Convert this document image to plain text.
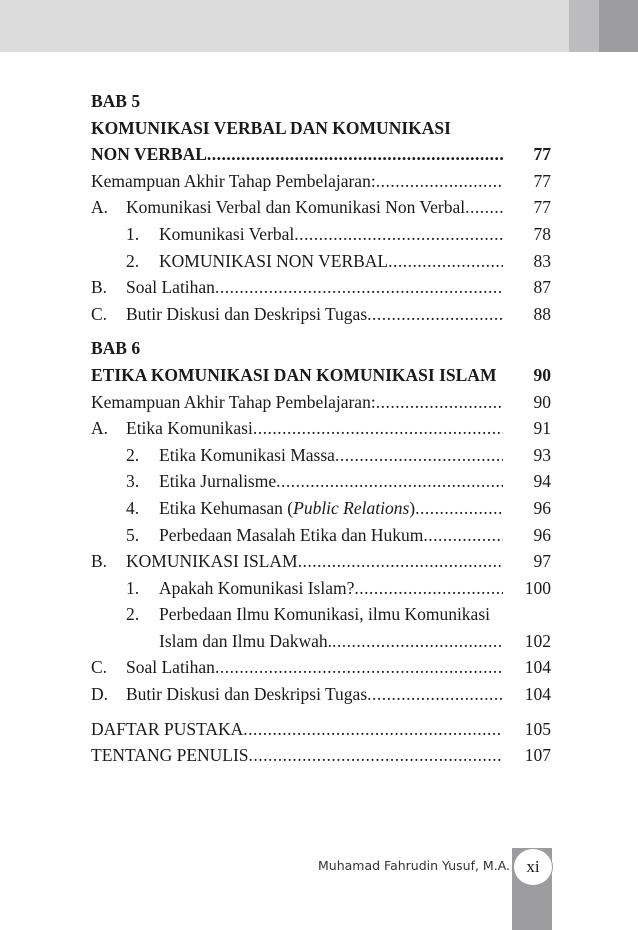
BAB 5
KOMUNIKASI VERBAL DAN KOMUNIKASI
NON VERBAL .....	77
Kemampuan Akhir Tahap Pembelajaran: .....	77
A.	Komunikasi Verbal dan Komunikasi Non Verbal .....	77
1.	Komunikasi Verbal .....	78
2.	KOMUNIKASI NON VERBAL .....	83
B.	Soal Latihan .....	87
C.	Butir Diskusi dan Deskripsi Tugas .....	88
BAB 6
ETIKA KOMUNIKASI DAN KOMUNIKASI ISLAM	90
Kemampuan Akhir Tahap Pembelajaran: .....	90
A.	Etika Komunikasi .....	91
2.	Etika Komunikasi Massa .....	93
3.	Etika Jurnalisme .....	94
4.	Etika Kehumasan (Public Relations) .....	96
5.	Perbedaan Masalah Etika dan Hukum .....	96
B.	KOMUNIKASI ISLAM .....	97
1.	Apakah Komunikasi Islam? .....	100
2.	Perbedaan Ilmu Komunikasi, ilmu Komunikasi
Islam dan Ilmu Dakwah. .....	102
C.	Soal Latihan .....	104
D.	Butir Diskusi dan Deskripsi Tugas .....	104
DAFTAR PUSTAKA .....	105
TENTANG PENULIS .....	107
Muhamad Fahrudin Yusuf, M.A. xi
